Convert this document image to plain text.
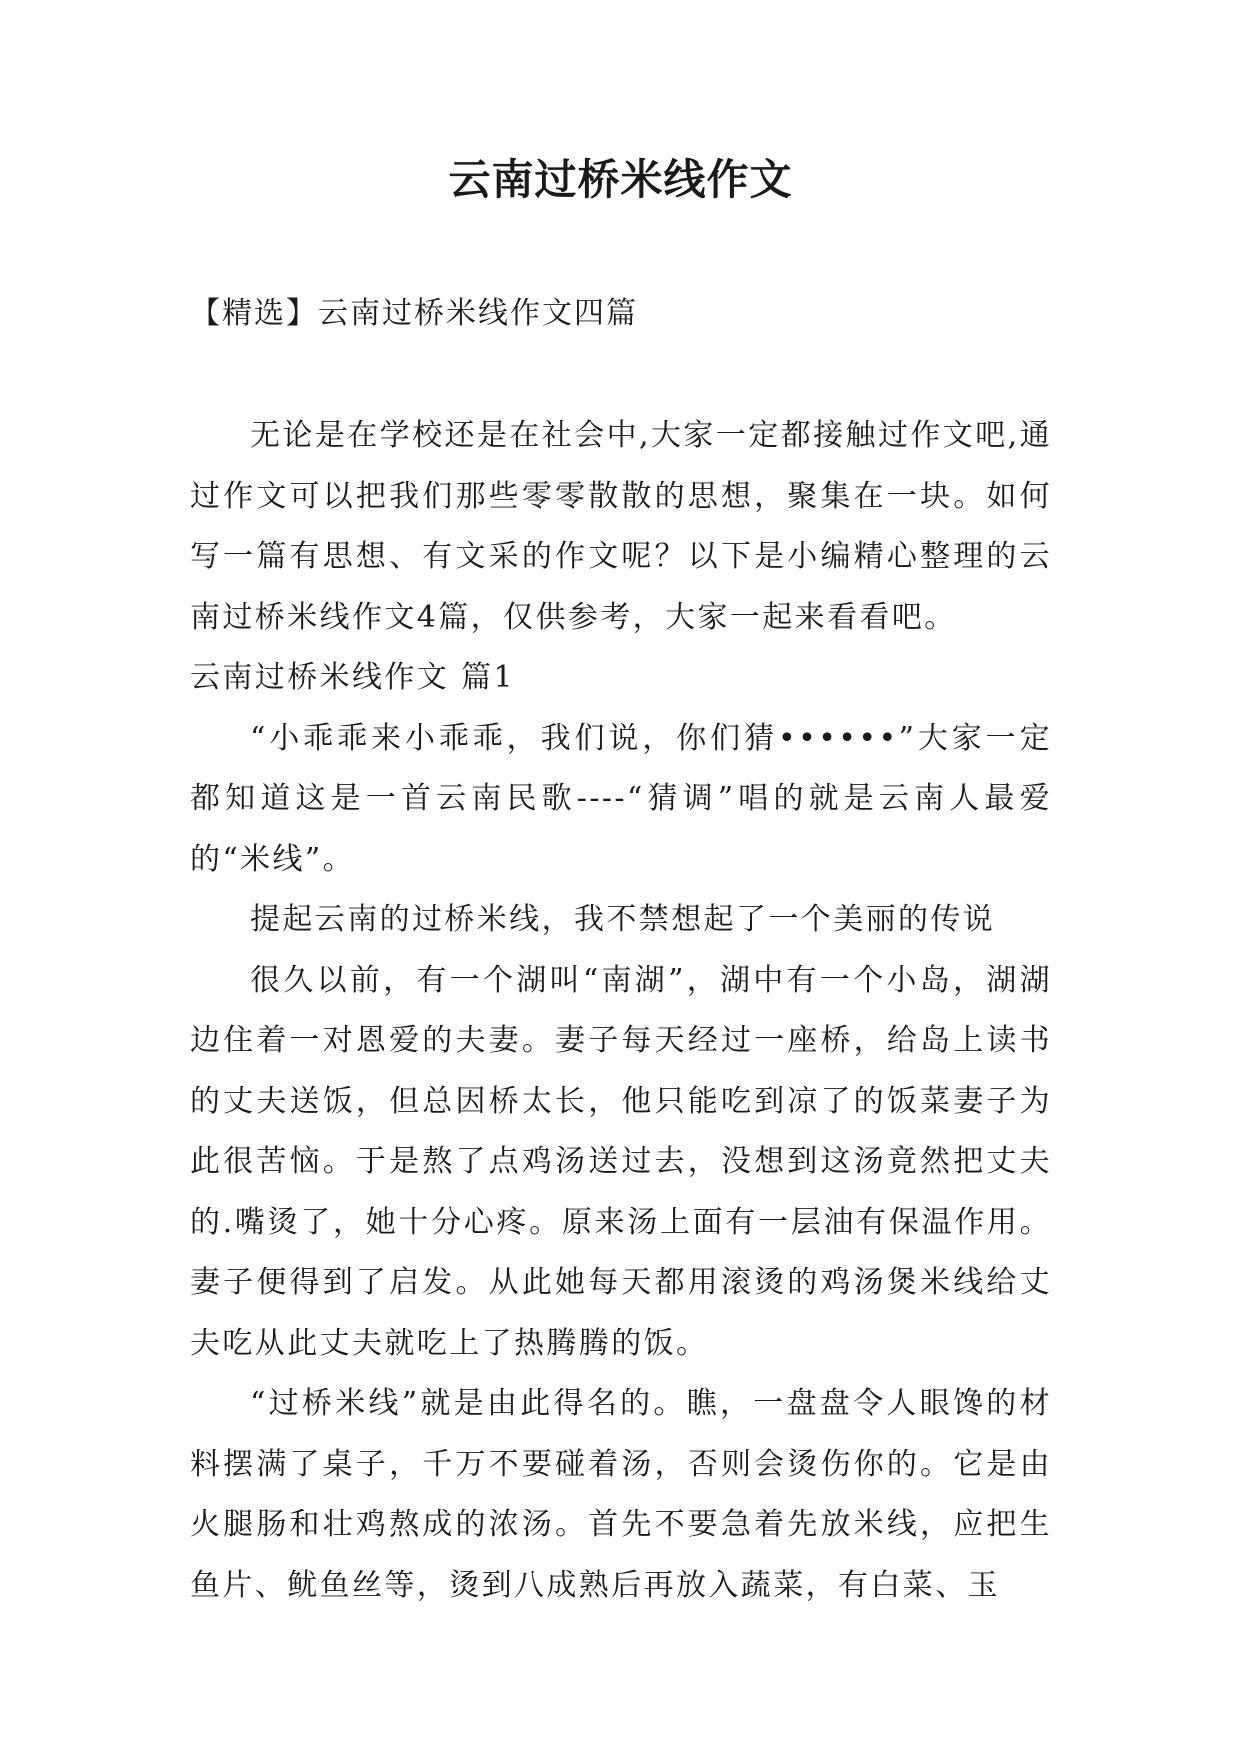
云南过桥米线作文
【精选】云南过桥米线作文四篇

无论是在学校还是在社会中,大家一定都接触过作文吧,通过作文可以把我们那些零零散散的思想，聚集在一块。如何写一篇有思想、有文采的作文呢？以下是小编精心整理的云南过桥米线作文4篇，仅供参考，大家一起来看看吧。

云南过桥米线作文 篇1

“小乖乖来小乖乖，我们说，你们猜••••••”大家一定都知道这是一首云南民歌----“猜调”唱的就是云南人最爱的“米线”。

提起云南的过桥米线，我不禁想起了一个美丽的传说

很久以前，有一个湖叫“南湖”，湖中有一个小岛，湖湖边住着一对恩爱的夫妻。妻子每天经过一座桥，给岛上读书的丈夫送饭，但总因桥太长，他只能吃到凉了的饭菜妻子为此很苦恼。于是熬了点鸡汤送过去，没想到这汤竟然把丈夫的.嘴烫了，她十分心疼。原来汤上面有一层油有保温作用。妻子便得到了启发。从此她每天都用滚烫的鸡汤煲米线给丈夫吃从此丈夫就吃上了热腾腾的饭。

“过桥米线”就是由此得名的。瞧，一盘盘令人眼馋的材料摆满了桌子，千万不要碰着汤，否则会烫伤你的。它是由火腿肠和壮鸡熬成的浓汤。首先不要急着先放米线，应把生鱼片、鱿鱼丝等，烫到八成熟后再放入蔬菜，有白菜、玉
